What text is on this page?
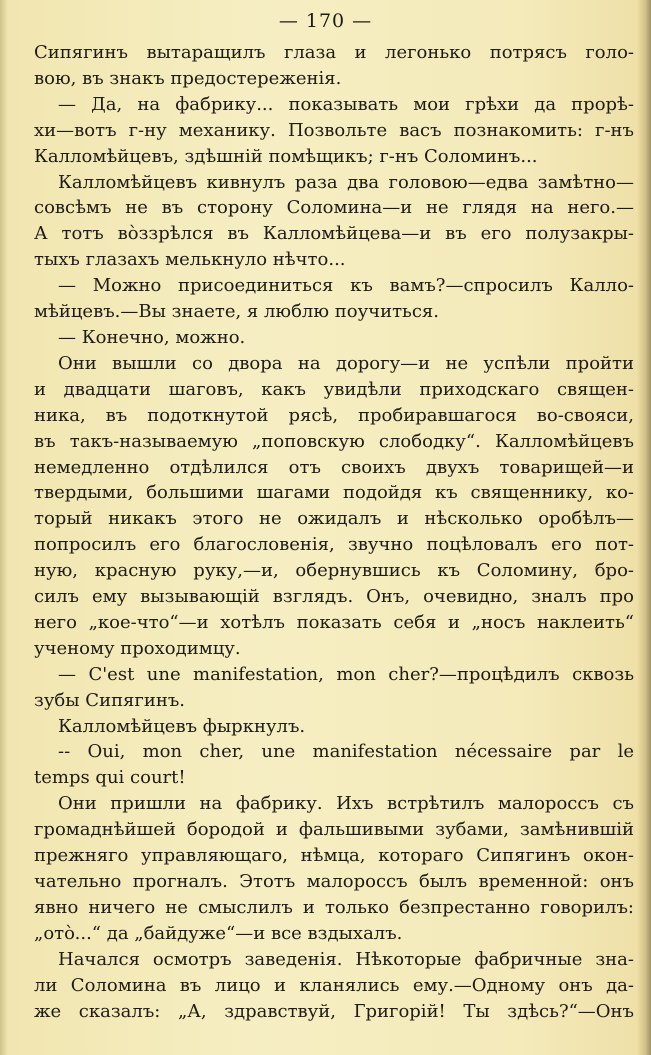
— 170 —
Сипягинъ вытаращилъ глаза и легонько потрясъ голо-
вою, въ знакъ предостереженія.
— Да, на фабрику... показывать мои грѣхи да прорѣ-
хи—вотъ г-ну механику. Позвольте васъ познакомить: г-нъ
Калломѣйцевъ, здѣшній помѣщикъ; г-нъ Соломинъ...
Калломѣйцевъ кивнулъ раза два головою—едва замѣтно—
совсѣмъ не въ сторону Соломина—и не глядя на него.—
А тотъ вòззрѣлся въ Калломѣйцева—и въ его полузакры-
тыхъ глазахъ мелькнуло нѣчто...
— Можно присоединиться къ вамъ?—спросилъ Калло-
мѣйцевъ.—Вы знаете, я люблю поучиться.
— Конечно, можно.
Они вышли со двора на дорогу—и не успѣли пройти
и двадцати шаговъ, какъ увидѣли приходскаго священ-
ника, въ подоткнутой рясѣ, пробиравшагося во-свояси,
въ такъ-называемую „поповскую слободку“. Калломѣйцевъ
немедленно отдѣлился отъ своихъ двухъ товарищей—и
твердыми, большими шагами подойдя къ священнику, ко-
торый никакъ этого не ожидалъ и нѣсколько оробѣлъ—
попросилъ его благословенія, звучно поцѣловалъ его пот-
ную, красную руку,—и, обернувшись къ Соломину, бро-
силъ ему вызывающій взглядъ. Онъ, очевидно, зналъ про
него „кое-что“—и хотѣлъ показать себя и „носъ наклеить“
ученому проходимцу.
— C'est une manifestation, mon cher?—процѣдилъ сквозь
зубы Сипягинъ.
Калломѣйцевъ фыркнулъ.
-- Oui, mon cher, une manifestation nécessaire par le
temps qui court!
Они пришли на фабрику. Ихъ встрѣтилъ малороссъ съ
громаднѣйшей бородой и фальшивыми зубами, замѣнившій
прежняго управляющаго, нѣмца, котораго Сипягинъ окон-
чательно прогналъ. Этотъ малороссъ былъ временной: онъ
явно ничего не смыслилъ и только безпрестанно говорилъ:
„отò...“ да „байдуже“—и все вздыхалъ.
Начался осмотръ заведенія. Нѣкоторые фабричные зна-
ли Соломина въ лицо и кланялись ему.—Одному онъ да-
же сказалъ: „А, здравствуй, Григорій! Ты здѣсь?“—Онъ
